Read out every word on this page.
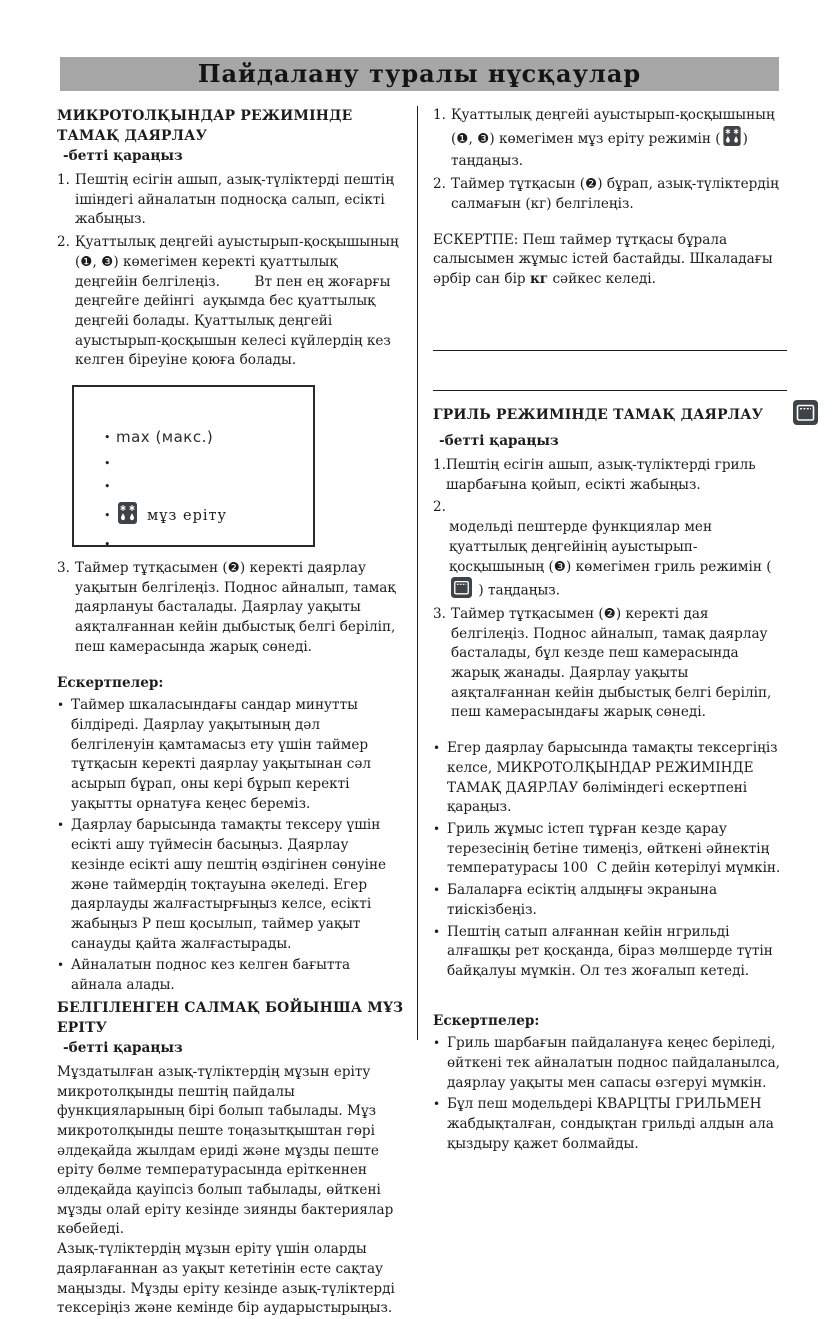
Пайдалану туралы нұсқаулар
МИКРОТОЛҚЫНДАР РЕЖИМІНДЕ ТАМАҚ ДАЯРЛАУ
-бетті қараңыз
1. Пештің есігін ашып, азық-түліктерді пештің ішіндегі айналатын подносқа салып, есікті жабыңыз.
2. Қуаттылық деңгейі ауыстырып-қосқышының (❶, ❸) көмегімен керекті қуаттылық деңгейін белгілеңіз.        Вт пен ең жоғарғы деңгейге дейінгі  ауқымда бес қуаттылық деңгейі болады. Қуаттылық деңгейі ауыстырып-қосқышын келесі күйлердің кез келген біреуіне қоюға болады.
• max (макс.)
•
•
•	мұз еріту
•
3. Таймер тұтқасымен (❷) керекті даярлау уақытын белгілеңіз. Поднос айналып, тамақ даярлануы басталады. Даярлау уақыты аяқталғаннан кейін дыбыстық белгі беріліп, пеш камерасында жарық сөнеді.
Ескертпелер:
• Таймер шкаласындағы сандар минутты білдіреді. Даярлау уақытының дәл белгіленуін қамтамасыз ету үшін таймер тұтқасын керекті даярлау уақытынан сәл асырып бұрап, оны кері бұрып керекті уақытты орнатуға кеңес береміз.
• Даярлау барысында тамақты тексеру үшін есікті ашу түймесін басыңыз. Даярлау кезінде есікті ашу пештің өздігінен сөнуіне және таймердің тоқтауына әкеледі. Егер даярлауды жалғастырғыңыз келсе, есікті жабыңыз Р пеш қосылып, таймер уақыт санауды қайта жалғастырады.
• Айналатын поднос кез келген бағытта айнала алады.
БЕЛГІЛЕНГЕН САЛМАҚ БОЙЫНША МҰЗ ЕРІТУ
-бетті қараңыз

Мұздатылған азық-түліктердің мұзын еріту микротолқынды пештің пайдалы функцияларының бірі болып табылады. Мұз микротолқынды пеште тоңазытқыштан гөрі әлдеқайда жылдам ериді және мұзды пеште еріту бөлме температурасында еріткеннен әлдеқайда қауіпсіз болып табылады, өйткені мұзды олай еріту кезінде зиянды бактериялар көбейеді.

Азық-түліктердің мұзын еріту үшін оларды даярлағаннан аз уақыт кететінін есте сақтау маңызды. Мұзды еріту кезінде азық-түліктерді тексеріңіз және кемінде бір аударыстырыңыз.

1. Қуаттылық деңгейі ауыстырып-қосқышының (❶, ❸) көмегімен мұз еріту режимін ( ) таңдаңыз.
2. Таймер тұтқасын (❷) бұрап, азық-түліктердің салмағын (кг) белгілеңіз.

ЕСКЕРТПЕ: Пеш таймер тұтқасы бұрала салысымен жұмыс істей бастайды. Шкаладағы әрбір сан бір кг сәйкес келеді.

ГРИЛЬ РЕЖИМІНДЕ ТАМАҚ ДАЯРЛАУ
-бетті қараңыз
1. Пештің есігін ашып, азық-түліктерді гриль шарбағына қойып, есікті жабыңыз.
2.

модельді пештерде функциялар мен қуаттылық деңгейінің ауыстырып-қосқышының (❸) көмегімен гриль режимін (  ) таңдаңыз.

3. Таймер тұтқасымен (❷) керекті дая белгілеңіз. Поднос айналып, тамақ даярлау басталады, бұл кезде пеш камерасында жарық жанады. Даярлау уақыты аяқталғаннан кейін дыбыстық белгі беріліп, пеш камерасындағы жарық сөнеді.
• Егер даярлау барысында тамақты тексергіңіз келсе, МИКРОТОЛҚЫНДАР РЕЖИМІНДЕ ТАМАҚ ДАЯРЛАУ бөліміндегі ескертпені қараңыз.
• Гриль жұмыс істеп тұрған кезде қарау терезесінің бетіне тимеңіз, өйткені әйнектің температурасы 100  С дейін көтерілуі мүмкін.
• Балаларға есіктің алдыңғы экранына тиіскізбеңіз.
• Пештің сатып алғаннан кейін нгрильді алғашқы рет қосқанда, біраз мөлшерде түтін байқалуы мүмкін. Ол тез жоғалып кетеді.
Ескертпелер:
• Гриль шарбағын пайдалануға кеңес беріледі, өйткені тек айналатын поднос пайдаланылса, даярлау уақыты мен сапасы өзгеруі мүмкін.
• Бұл пеш модельдері КВАРЦТЫ ГРИЛЬМЕН жабдықталған, сондықтан грильді алдын ала қыздыру қажет болмайды.
